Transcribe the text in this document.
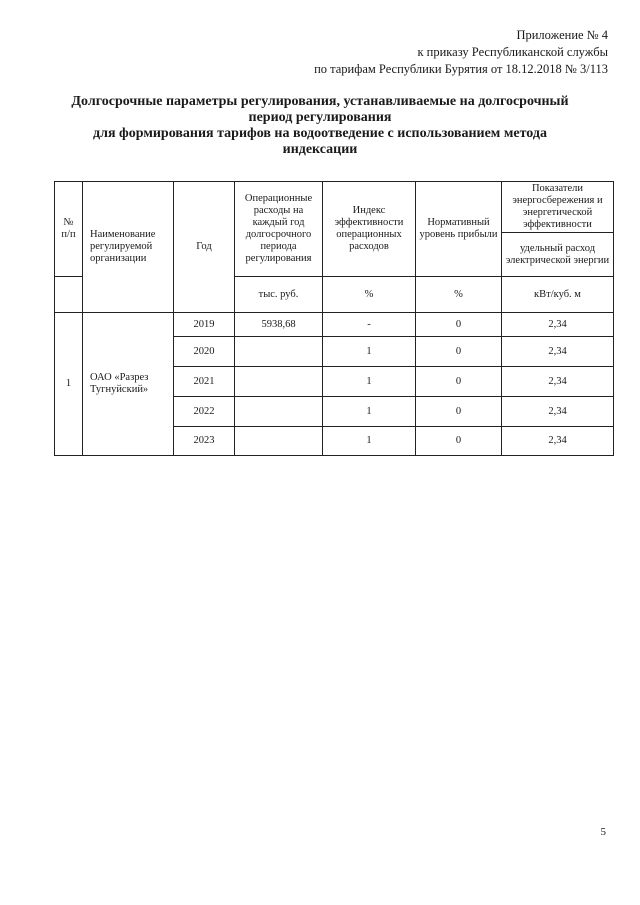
Приложение № 4
к приказу Республиканской службы
по тарифам Республики Бурятия от 18.12.2018 № 3/113
Долгосрочные параметры регулирования, устанавливаемые на долгосрочный
период регулирования
для формирования тарифов на водоотведение с использованием метода
индексации
№ п/п	Наименование регулируемой организации	Год	Операционные расходы на каждый год долгосрочного периода регулирования	Индекс эффективности операционных расходов	Нормативный уровень прибыли	Показатели энергосбережения и энергетической эффективности
						удельный расход электрической энергии
			тыс. руб.	%	%	кВт/куб. м
1	ОАО «Разрез Тугнуйский»	2019	5938,68	-	0	2,34
		2020		1	0	2,34
		2021		1	0	2,34
		2022		1	0	2,34
		2023		1	0	2,34
5
